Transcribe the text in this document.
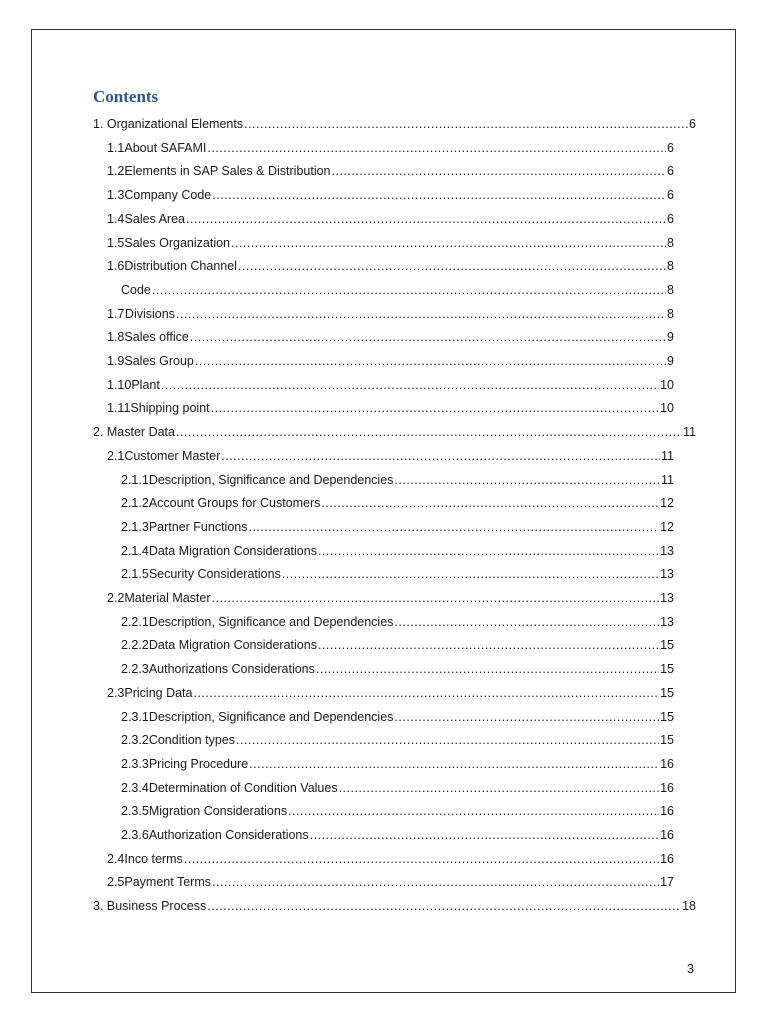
Contents
1. Organizational Elements .....	6
1.1 About SAFAMI .....	6
1.2 Elements in SAP Sales & Distribution .....	6
1.3 Company Code .....	6
1.4 Sales Area .....	6
1.5 Sales Organization .....	8
1.6 Distribution Channel .....	8
Code .....	8
1.7 Divisions .....	8
1.8 Sales office .....	9
1.9 Sales Group .....	9
1.10 Plant .....	10
1.11 Shipping point .....	10
2. Master Data .....	11
2.1 Customer Master .....	11
2.1.1 Description, Significance and Dependencies .....	11
2.1.2 Account Groups for Customers .....	12
2.1.3 Partner Functions .....	12
2.1.4 Data Migration Considerations .....	13
2.1.5 Security Considerations .....	13
2.2 Material Master .....	13
2.2.1 Description, Significance and Dependencies .....	13
2.2.2 Data Migration Considerations .....	15
2.2.3 Authorizations Considerations .....	15
2.3 Pricing Data .....	15
2.3.1 Description, Significance and Dependencies .....	15
2.3.2 Condition types .....	15
2.3.3 Pricing Procedure .....	16
2.3.4 Determination of Condition Values .....	16
2.3.5 Migration Considerations .....	16
2.3.6 Authorization Considerations .....	16
2.4 Inco terms .....	16
2.5 Payment Terms .....	17
3. Business Process .....	18
3
